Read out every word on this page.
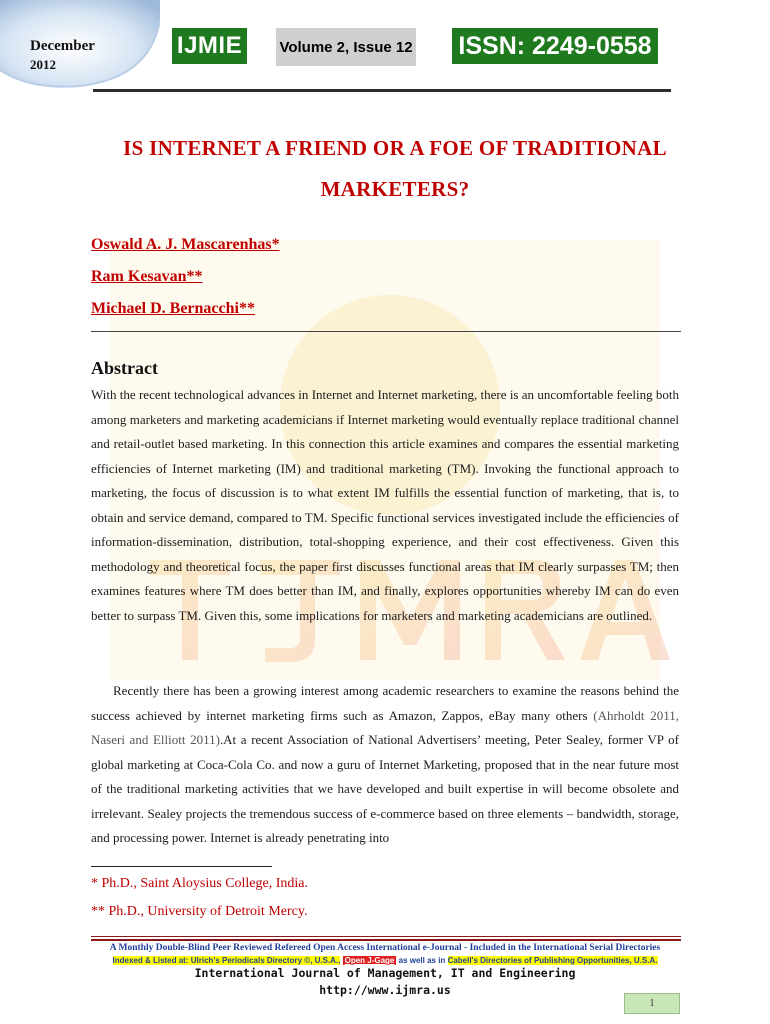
December
2012
IJMIE	Volume 2, Issue 12 ISSN: 2249-0558
IS INTERNET A FRIEND OR A FOE OF TRADITIONAL MARKETERS?
Oswald A. J. Mascarenhas*
Ram Kesavan**
Michael D. Bernacchi**
Abstract
With the recent technological advances in Internet and Internet marketing, there is an uncomfortable feeling both among marketers and marketing academicians if Internet marketing would eventually replace traditional channel and retail-outlet based marketing. In this connection this article examines and compares the essential marketing efficiencies of Internet marketing (IM) and traditional marketing (TM). Invoking the functional approach to marketing, the focus of discussion is to what extent IM fulfills the essential function of marketing, that is, to obtain and service demand, compared to TM. Specific functional services investigated include the efficiencies of information-dissemination, distribution, total-shopping experience, and their cost effectiveness. Given this methodology and theoretical focus, the paper first discusses functional areas that IM clearly surpasses TM; then examines features where TM does better than IM, and finally, explores opportunities whereby IM can do even better to surpass TM. Given this, some implications for marketers and marketing academicians are outlined.
Recently there has been a growing interest among academic researchers to examine the reasons behind the success achieved by internet marketing firms such as Amazon, Zappos, eBay many others (Ahrholdt 2011, Naseri and Elliott 2011).At a recent Association of National Advertisers’ meeting, Peter Sealey, former VP of global marketing at Coca-Cola Co. and now a guru of Internet Marketing, proposed that in the near future most of the traditional marketing activities that we have developed and built expertise in will become obsolete and irrelevant. Sealey projects the tremendous success of e-commerce based on three elements – bandwidth, storage, and processing power. Internet is already penetrating into
* Ph.D., Saint Aloysius College, India.
** Ph.D., University of Detroit Mercy.
A Monthly Double-Blind Peer Reviewed Refereed Open Access International e-Journal - Included in the International Serial Directories
Indexed & Listed at: Ulrich's Periodicals Directory ©, U.S.A., Open J-Gage as well as in Cabell's Directories of Publishing Opportunities, U.S.A.
International Journal of Management, IT and Engineering
http://www.ijmra.us
1
